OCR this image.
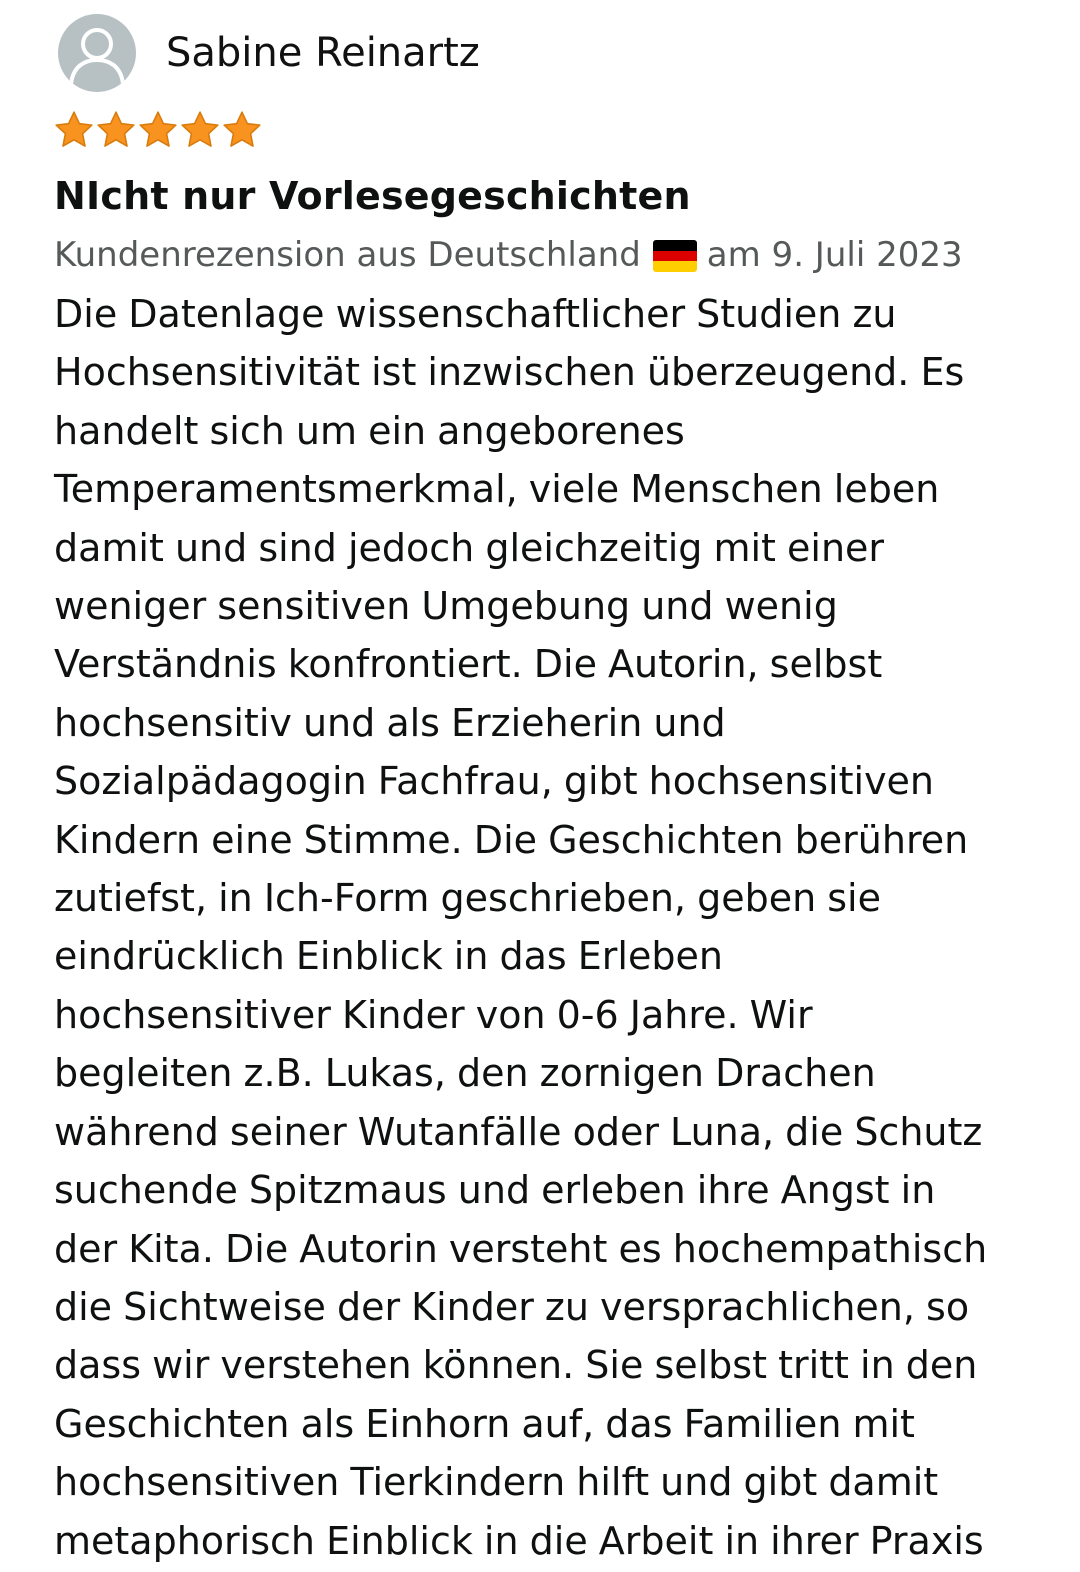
Sabine Reinartz
NIcht nur Vorlesegeschichten
Kundenrezension aus Deutschland am 9. Juli 2023
Die Datenlage wissenschaftlicher Studien zu
Hochsensitivität ist inzwischen überzeugend. Es
handelt sich um ein angeborenes
Temperamentsmerkmal, viele Menschen leben
damit und sind jedoch gleichzeitig mit einer
weniger sensitiven Umgebung und wenig
Verständnis konfrontiert. Die Autorin, selbst
hochsensitiv und als Erzieherin und
Sozialpädagogin Fachfrau, gibt hochsensitiven
Kindern eine Stimme. Die Geschichten berühren
zutiefst, in Ich-Form geschrieben, geben sie
eindrücklich Einblick in das Erleben
hochsensitiver Kinder von 0-6 Jahre. Wir
begleiten z.B. Lukas, den zornigen Drachen
während seiner Wutanfälle oder Luna, die Schutz
suchende Spitzmaus und erleben ihre Angst in
der Kita. Die Autorin versteht es hochempathisch
die Sichtweise der Kinder zu versprachlichen, so
dass wir verstehen können. Sie selbst tritt in den
Geschichten als Einhorn auf, das Familien mit
hochsensitiven Tierkindern hilft und gibt damit
metaphorisch Einblick in die Arbeit in ihrer Praxis
